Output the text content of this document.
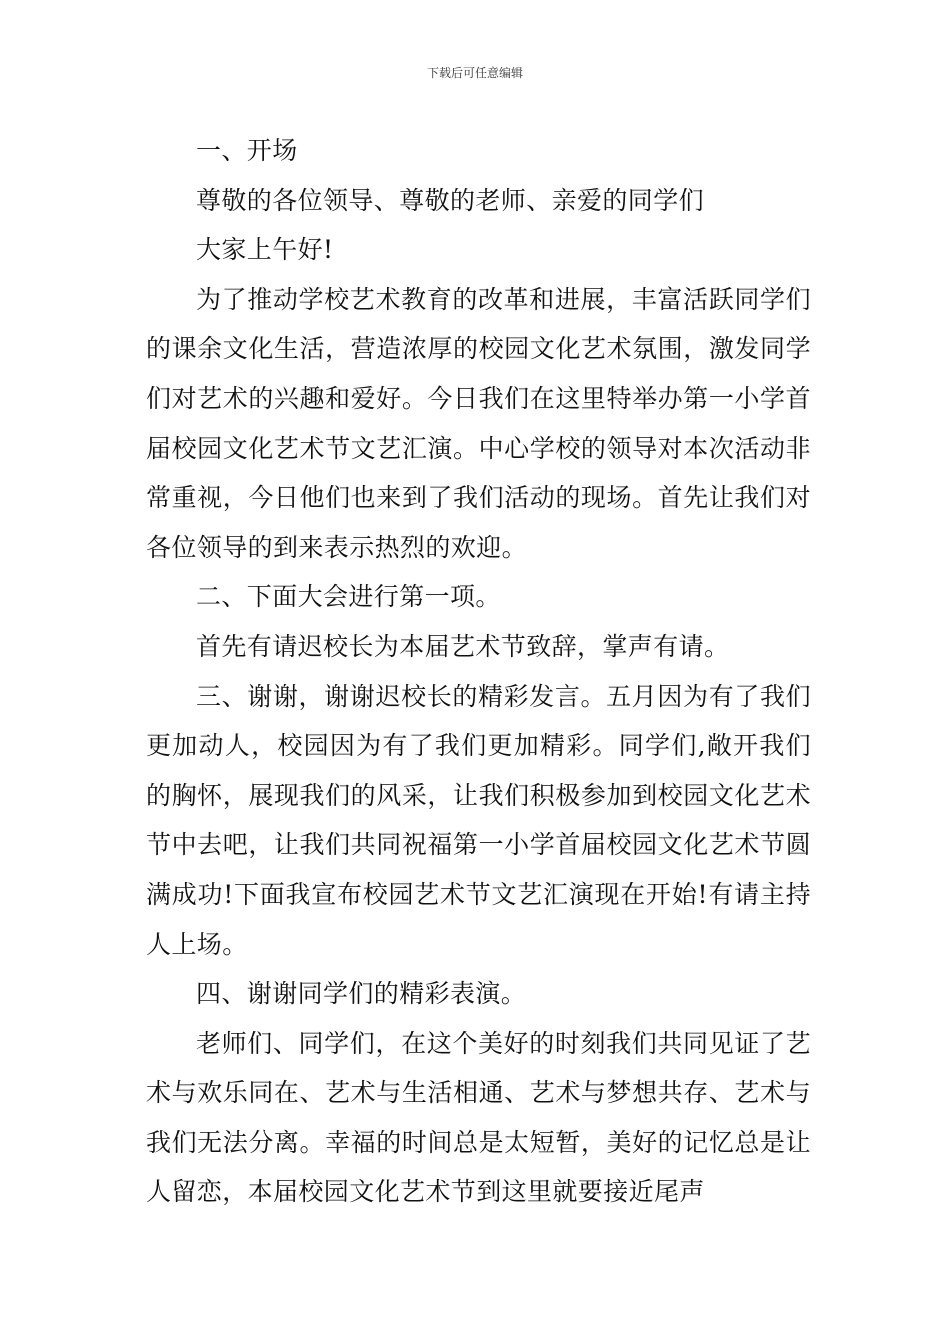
下载后可任意编辑

一、开场

尊敬的各位领导、尊敬的老师、亲爱的同学们

大家上午好!

为了推动学校艺术教育的改革和进展，丰富活跃同学们的课余文化生活，营造浓厚的校园文化艺术氛围，激发同学们对艺术的兴趣和爱好。今日我们在这里特举办第一小学首届校园文化艺术节文艺汇演。中心学校的领导对本次活动非常重视，今日他们也来到了我们活动的现场。首先让我们对各位领导的到来表示热烈的欢迎。

二、下面大会进行第一项。

首先有请迟校长为本届艺术节致辞，掌声有请。

三、谢谢，谢谢迟校长的精彩发言。五月因为有了我们更加动人，校园因为有了我们更加精彩。同学们,敞开我们的胸怀，展现我们的风采，让我们积极参加到校园文化艺术节中去吧，让我们共同祝福第一小学首届校园文化艺术节圆满成功!下面我宣布校园艺术节文艺汇演现在开始!有请主持人上场。

四、谢谢同学们的精彩表演。

老师们、同学们，在这个美好的时刻我们共同见证了艺术与欢乐同在、艺术与生活相通、艺术与梦想共存、艺术与我们无法分离。幸福的时间总是太短暂，美好的记忆总是让人留恋，本届校园文化艺术节到这里就要接近尾声
